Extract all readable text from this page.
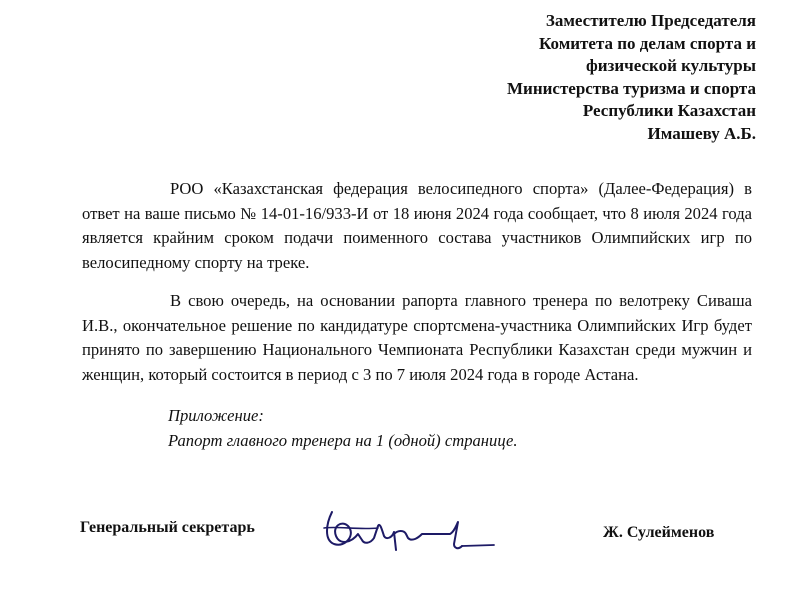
Заместителю Председателя
Комитета по делам спорта и
физической культуры
Министерства туризма и спорта
Республики Казахстан
Имашеву А.Б.

РОО «Казахстанская федерация велосипедного спорта» (Далее-Федерация) в ответ на ваше письмо № 14-01-16/933-И от 18 июня 2024 года сообщает, что 8 июля 2024 года является крайним сроком подачи поименного состава участников Олимпийских игр по велосипедному спорту на треке.

В свою очередь, на основании рапорта главного тренера по велотреку Сиваша И.В., окончательное решение по кандидатуре спортсмена-участника Олимпийских Игр будет принято по завершению Национального Чемпионата Республики Казахстан среди мужчин и женщин, который состоится в период с 3 по 7 июля 2024 года в городе Астана.

Приложение:
Рапорт главного тренера на 1 (одной) странице.
Генеральный секретарь	Ж. Сулейменов
